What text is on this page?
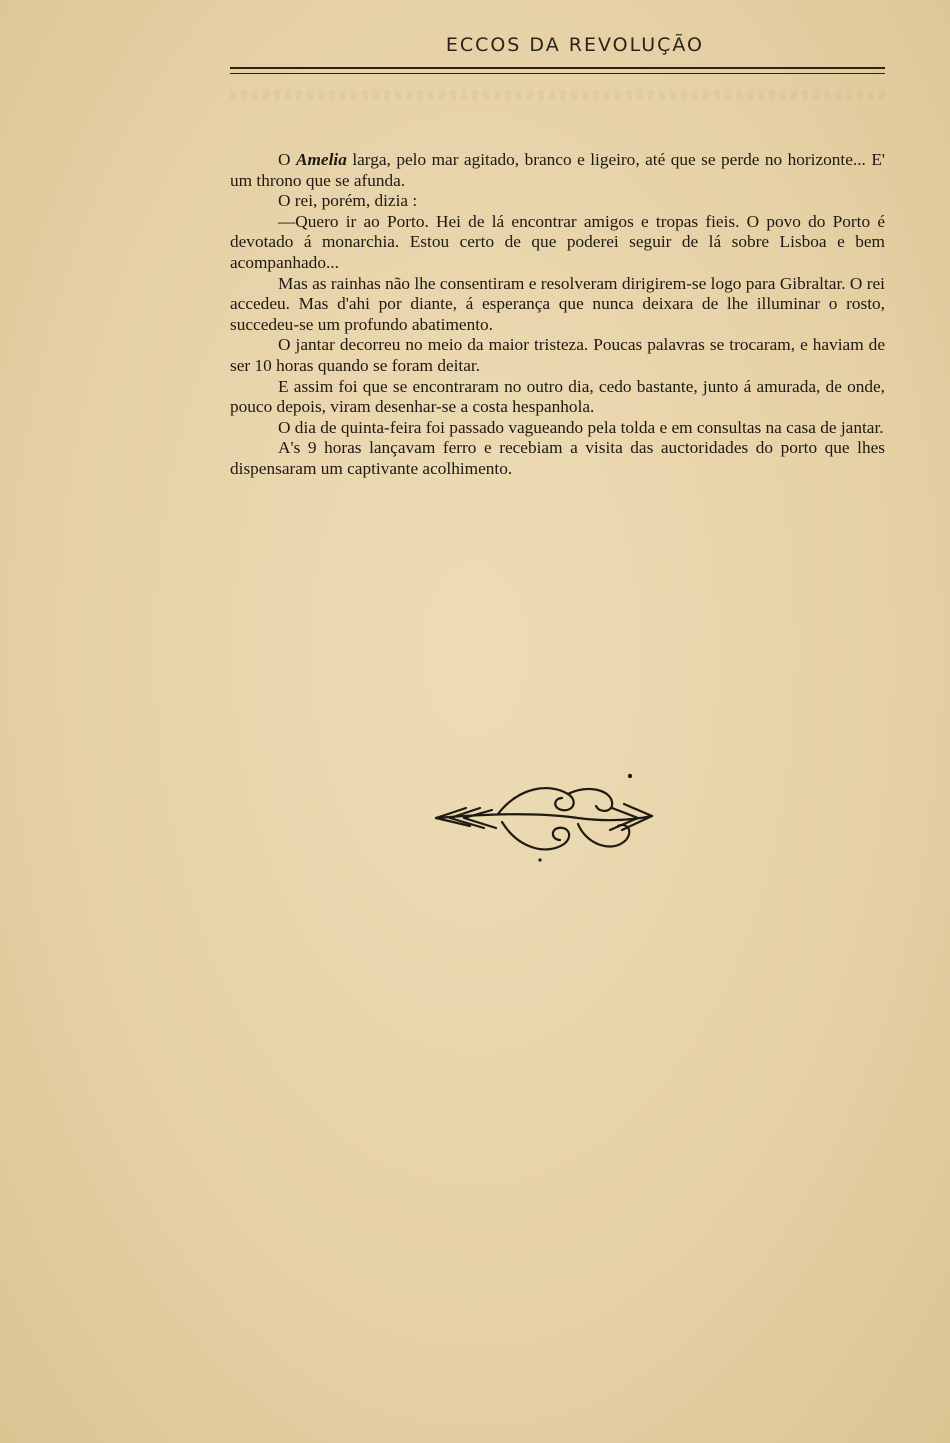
ECCOS DA REVOLUÇÃO

O Amelia larga, pelo mar agitado, branco e ligeiro, até que se perde no horizonte... E' um throno que se afunda.

O rei, porém, dizia :

—Quero ir ao Porto. Hei de lá encontrar amigos e tropas fieis. O povo do Porto é devotado á monarchia. Estou certo de que poderei seguir de lá sobre Lisboa e bem acompanhado...

Mas as rainhas não lhe consentiram e resolveram dirigirem-se logo para Gibraltar. O rei accedeu. Mas d'ahi por diante, á esperança que nunca deixara de lhe illuminar o rosto, succedeu-se um profundo abatimento.

O jantar decorreu no meio da maior tristeza. Poucas palavras se trocaram, e haviam de ser 10 horas quando se foram deitar.

E assim foi que se encontraram no outro dia, cedo bastante, junto á amurada, de onde, pouco depois, viram desenhar-se a costa hespanhola.

O dia de quinta-feira foi passado vagueando pela tolda e em consultas na casa de jantar.

A's 9 horas lançavam ferro e recebiam a visita das auctoridades do porto que lhes dispensaram um captivante acolhimento.
